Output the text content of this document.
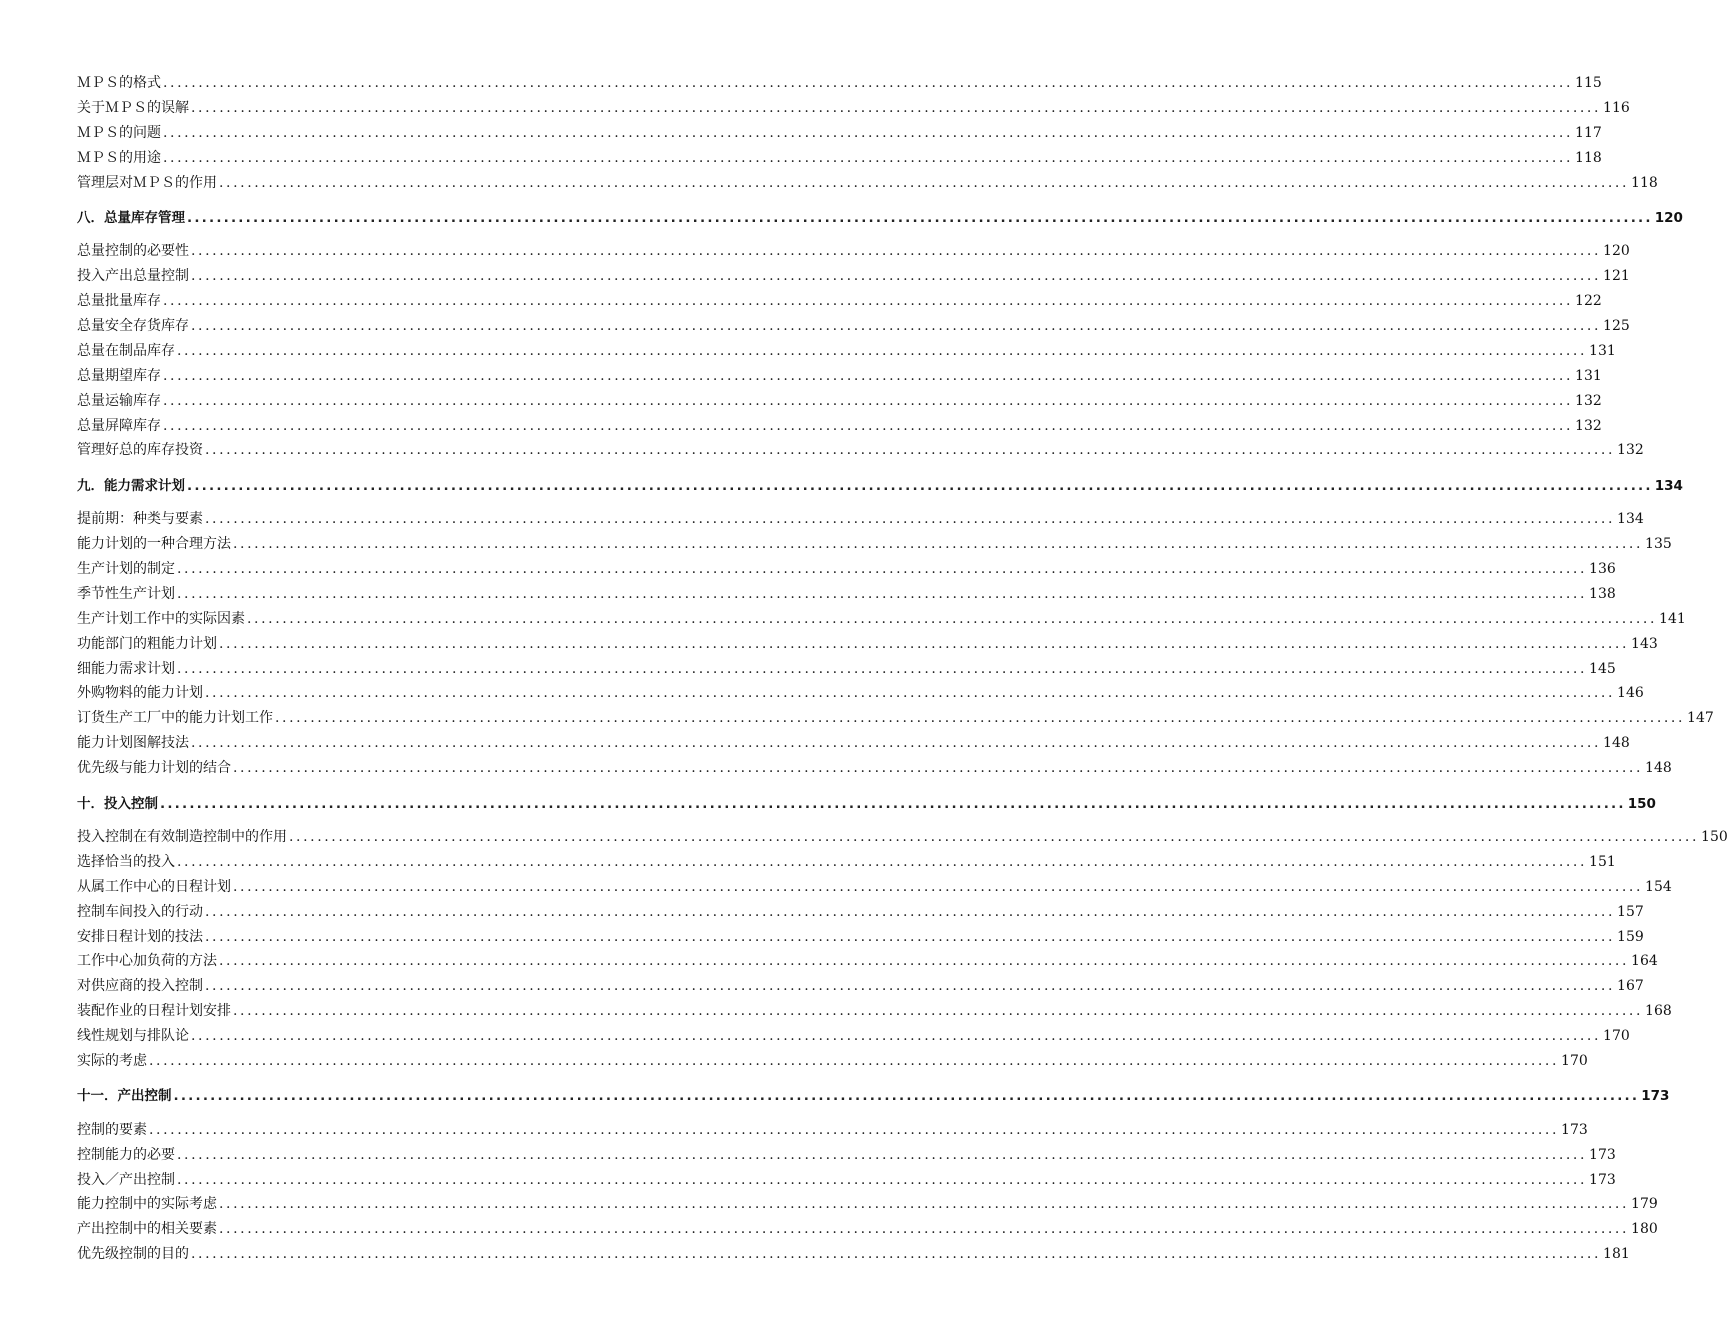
ＭＰＳ的格式 ........................................................................................................................................................................................................ 115
关于ＭＰＳ的误解 ........................................................................................................................................................................................................ 116
ＭＰＳ的问题 ........................................................................................................................................................................................................ 117
ＭＰＳ的用途 ........................................................................................................................................................................................................ 118
管理层对ＭＰＳ的作用 ........................................................................................................................................................................................................ 118
八．总量库存管理 ........................................................................................................................................................................................................ 120
总量控制的必要性 ........................................................................................................................................................................................................ 120
投入产出总量控制 ........................................................................................................................................................................................................ 121
总量批量库存 ........................................................................................................................................................................................................ 122
总量安全存货库存 ........................................................................................................................................................................................................ 125
总量在制品库存 ........................................................................................................................................................................................................ 131
总量期望库存 ........................................................................................................................................................................................................ 131
总量运输库存 ........................................................................................................................................................................................................ 132
总量屏障库存 ........................................................................................................................................................................................................ 132
管理好总的库存投资 ........................................................................................................................................................................................................ 132
九．能力需求计划 ........................................................................................................................................................................................................ 134
提前期：种类与要素 ........................................................................................................................................................................................................ 134
能力计划的一种合理方法 ........................................................................................................................................................................................................ 135
生产计划的制定 ........................................................................................................................................................................................................ 136
季节性生产计划 ........................................................................................................................................................................................................ 138
生产计划工作中的实际因素 ........................................................................................................................................................................................................ 141
功能部门的粗能力计划 ........................................................................................................................................................................................................ 143
细能力需求计划 ........................................................................................................................................................................................................ 145
外购物料的能力计划 ........................................................................................................................................................................................................ 146
订货生产工厂中的能力计划工作 ........................................................................................................................................................................................................ 147
能力计划图解技法 ........................................................................................................................................................................................................ 148
优先级与能力计划的结合 ........................................................................................................................................................................................................ 148
十．投入控制 ........................................................................................................................................................................................................ 150
投入控制在有效制造控制中的作用 ........................................................................................................................................................................................................ 150
选择恰当的投入 ........................................................................................................................................................................................................ 151
从属工作中心的日程计划 ........................................................................................................................................................................................................ 154
控制车间投入的行动 ........................................................................................................................................................................................................ 157
安排日程计划的技法 ........................................................................................................................................................................................................ 159
工作中心加负荷的方法 ........................................................................................................................................................................................................ 164
对供应商的投入控制 ........................................................................................................................................................................................................ 167
装配作业的日程计划安排 ........................................................................................................................................................................................................ 168
线性规划与排队论 ........................................................................................................................................................................................................ 170
实际的考虑 ........................................................................................................................................................................................................ 170
十一．产出控制 ........................................................................................................................................................................................................ 173
控制的要素 ........................................................................................................................................................................................................ 173
控制能力的必要 ........................................................................................................................................................................................................ 173
投入／产出控制 ........................................................................................................................................................................................................ 173
能力控制中的实际考虑 ........................................................................................................................................................................................................ 179
产出控制中的相关要素 ........................................................................................................................................................................................................ 180
优先级控制的目的 ........................................................................................................................................................................................................ 181
